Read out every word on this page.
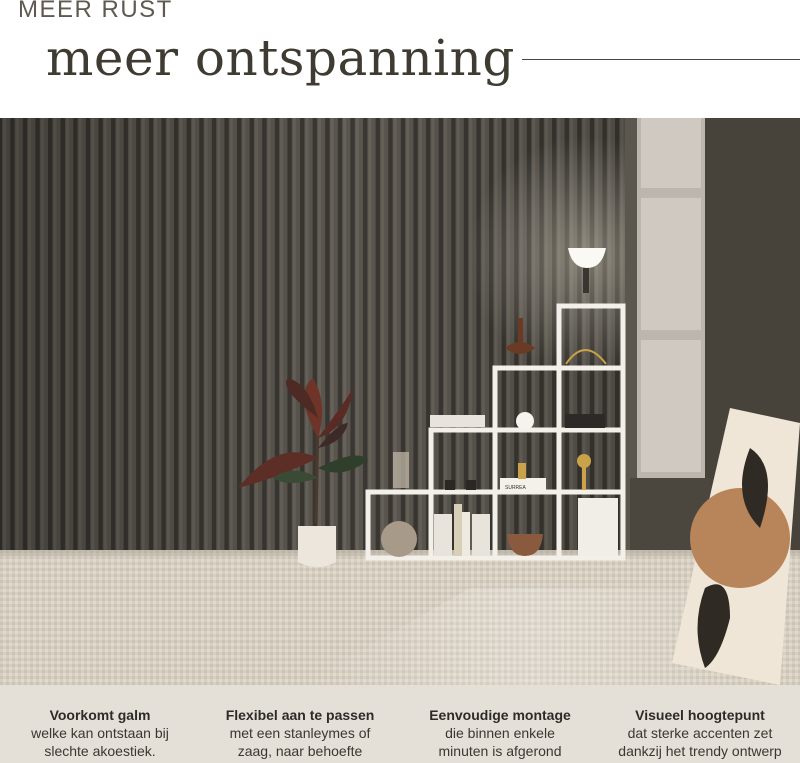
MEER RUST
meer ontspanning
SURREA
Voorkomt galm
welke kan ontstaan bij
slechte akoestiek.
Flexibel aan te passen
met een stanleymes of
zaag, naar behoefte
Eenvoudige montage
die binnen enkele
minuten is afgerond
Visueel hoogtepunt
dat sterke accenten zet
dankzij het trendy ontwerp
